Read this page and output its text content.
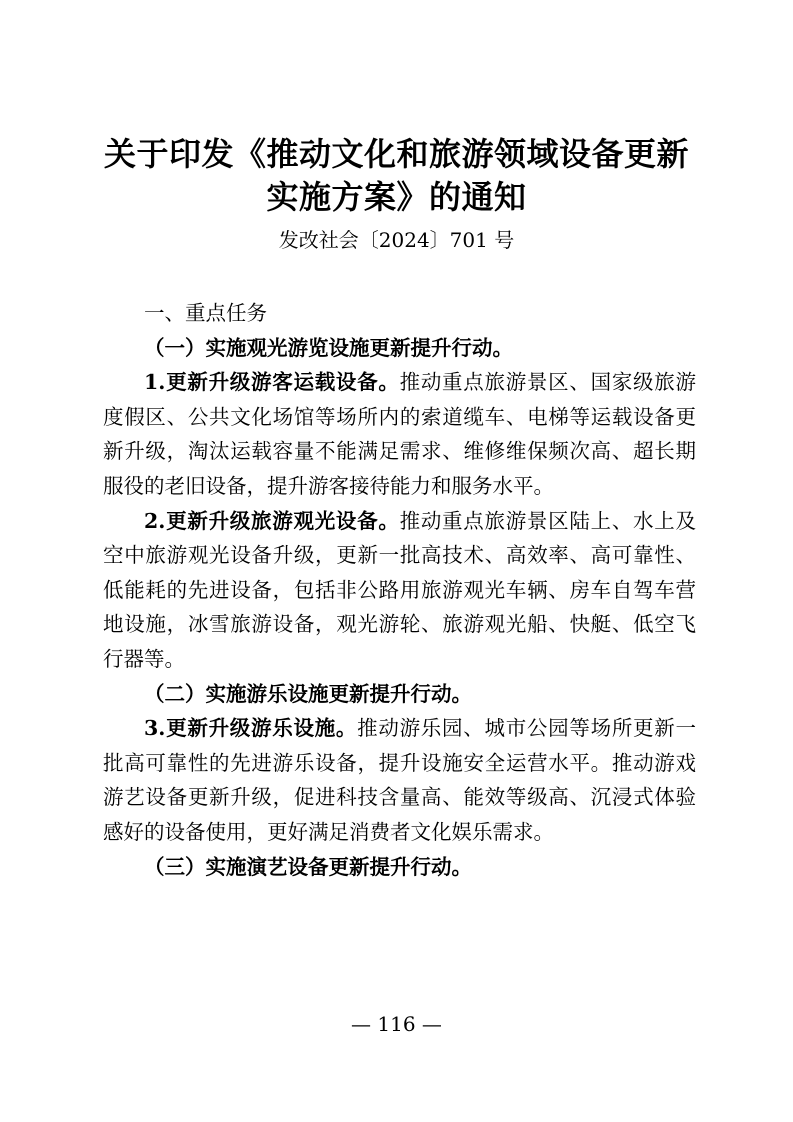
关于印发《推动文化和旅游领域设备更新
实施方案》的通知
发改社会〔2024〕701 号

一、重点任务

（一）实施观光游览设施更新提升行动。

1.更新升级游客运载设备。推动重点旅游景区、国家级旅游度假区、公共文化场馆等场所内的索道缆车、电梯等运载设备更新升级，淘汰运载容量不能满足需求、维修维保频次高、超长期服役的老旧设备，提升游客接待能力和服务水平。

2.更新升级旅游观光设备。推动重点旅游景区陆上、水上及空中旅游观光设备升级，更新一批高技术、高效率、高可靠性、低能耗的先进设备，包括非公路用旅游观光车辆、房车自驾车营地设施，冰雪旅游设备，观光游轮、旅游观光船、快艇、低空飞行器等。

（二）实施游乐设施更新提升行动。

3.更新升级游乐设施。推动游乐园、城市公园等场所更新一批高可靠性的先进游乐设备，提升设施安全运营水平。推动游戏游艺设备更新升级，促进科技含量高、能效等级高、沉浸式体验感好的设备使用，更好满足消费者文化娱乐需求。

（三）实施演艺设备更新提升行动。

— 116 —
